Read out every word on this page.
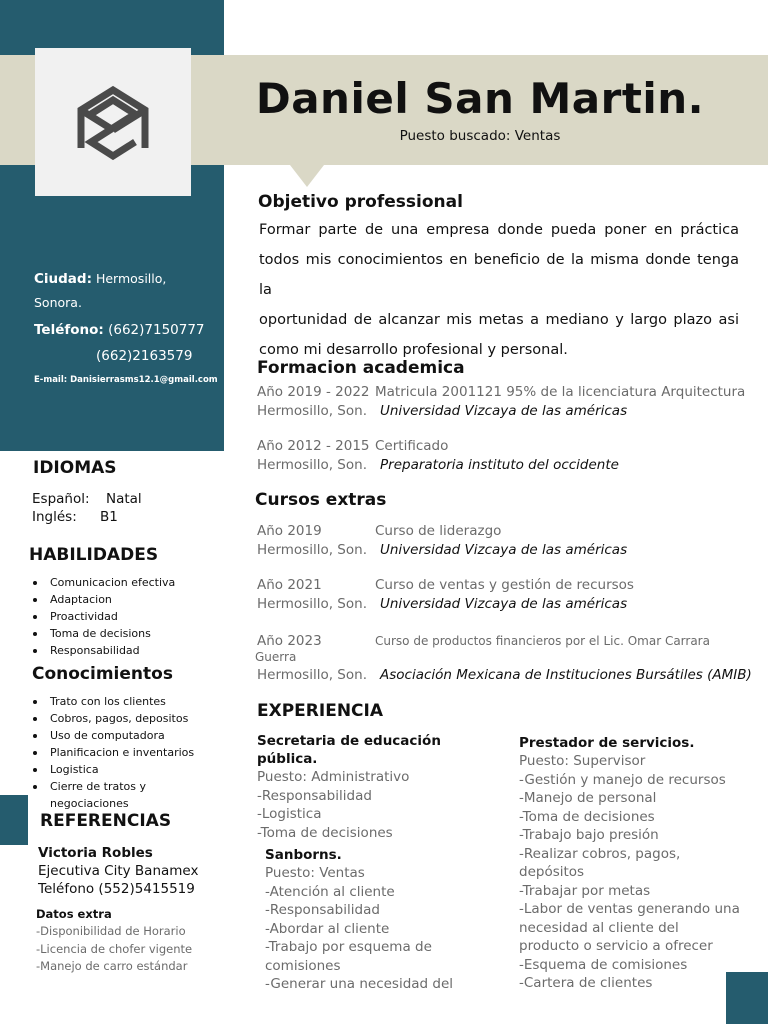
Daniel San Martin.
Puesto buscado: Ventas
Ciudad: Hermosillo,
Sonora.
Teléfono: (662)7150777
(662)2163579
E-mail: Danisierrasms12.1@gmail.com
IDIOMAS
Español: Natal
Inglés: B1
HABILIDADES
Comunicacion efectiva
Adaptacion
Proactividad
Toma de decisions
Responsabilidad
Conocimientos
Trato con los clientes
Cobros, pagos, depositos
Uso de computadora
Planificacion e inventarios
Logistica
Cierre de tratos y negociaciones
REFERENCIAS
Victoria Robles
Ejecutiva City Banamex
Teléfono (552)5415519
Datos extra
-Disponibilidad de Horario
-Licencia de chofer vigente
-Manejo de carro estándar
Objetivo professional
Formar parte de una empresa donde pueda poner en práctica
todos mis conocimientos en beneficio de la misma donde tenga la
oportunidad de alcanzar mis metas a mediano y largo plazo asi
como mi desarrollo profesional y personal.
Formacion academica
Año 2019 - 2022 Matricula 2001121 95% de la licenciatura Arquitectura
Hermosillo, Son. Universidad Vizcaya de las américas
Año 2012 - 2015 Certificado
Hermosillo, Son. Preparatoria instituto del occidente
Cursos extras
Año 2019	Curso de liderazgo
Hermosillo, Son. Universidad Vizcaya de las américas
Año 2021	Curso de ventas y gestión de recursos
Hermosillo, Son. Universidad Vizcaya de las américas
Año 2023	Curso de productos financieros por el Lic. Omar Carrara
Guerra
Hermosillo, Son. Asociación Mexicana de Instituciones Bursátiles (AMIB)
EXPERIENCIA
Secretaria de educación pública.
Puesto: Administrativo
-Responsabilidad
-Logistica
-Toma de decisiones
Sanborns.
Puesto: Ventas
-Atención al cliente
-Responsabilidad
-Abordar al cliente
-Trabajo por esquema de comisiones
-Generar una necesidad del
Prestador de servicios.
Puesto: Supervisor
-Gestión y manejo de recursos
-Manejo de personal
-Toma de decisiones
-Trabajo bajo presión
-Realizar cobros, pagos, depósitos
-Trabajar por metas
-Labor de ventas generando una necesidad al cliente del producto o servicio a ofrecer
-Esquema de comisiones
-Cartera de clientes
